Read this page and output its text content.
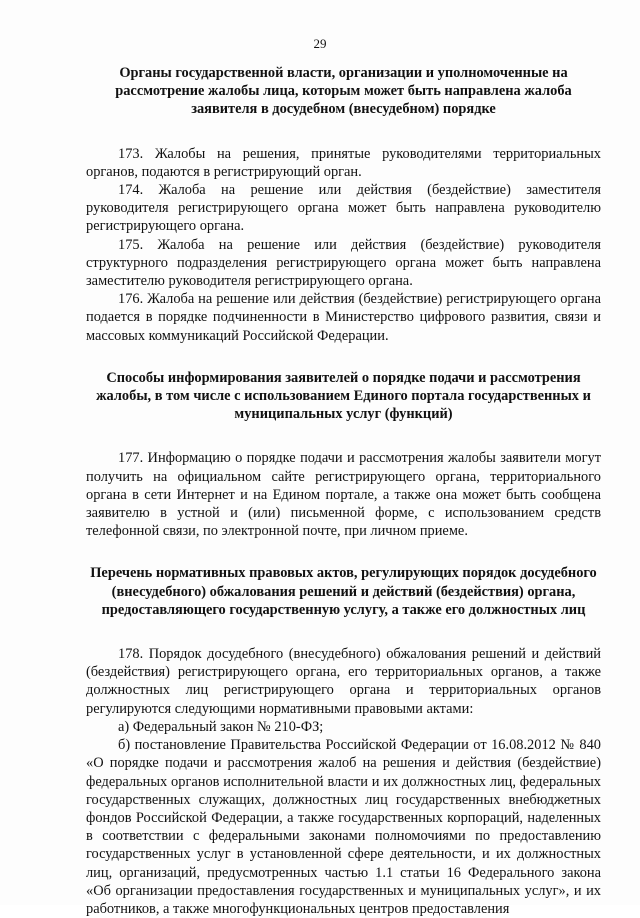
29

Органы государственной власти, организации и уполномоченные на рассмотрение жалобы лица, которым может быть направлена жалоба заявителя в досудебном (внесудебном) порядке

173. Жалобы на решения, принятые руководителями территориальных органов, подаются в регистрирующий орган.

174. Жалоба на решение или действия (бездействие) заместителя руководителя регистрирующего органа может быть направлена руководителю регистрирующего органа.

175. Жалоба на решение или действия (бездействие) руководителя структурного подразделения регистрирующего органа может быть направлена заместителю руководителя регистрирующего органа.

176. Жалоба на решение или действия (бездействие) регистрирующего органа подается в порядке подчиненности в Министерство цифрового развития, связи и массовых коммуникаций Российской Федерации.

Способы информирования заявителей о порядке подачи и рассмотрения жалобы, в том числе с использованием Единого портала государственных и муниципальных услуг (функций)

177. Информацию о порядке подачи и рассмотрения жалобы заявители могут получить на официальном сайте регистрирующего органа, территориального органа в сети Интернет и на Едином портале, а также она может быть сообщена заявителю в устной и (или) письменной форме, с использованием средств телефонной связи, по электронной почте, при личном приеме.

Перечень нормативных правовых актов, регулирующих порядок досудебного (внесудебного) обжалования решений и действий (бездействия) органа, предоставляющего государственную услугу, а также его должностных лиц

178. Порядок досудебного (внесудебного) обжалования решений и действий (бездействия) регистрирующего органа, его территориальных органов, а также должностных лиц регистрирующего органа и территориальных органов регулируются следующими нормативными правовыми актами:

а) Федеральный закон № 210-ФЗ;

б) постановление Правительства Российской Федерации от 16.08.2012 № 840 «О порядке подачи и рассмотрения жалоб на решения и действия (бездействие) федеральных органов исполнительной власти и их должностных лиц, федеральных государственных служащих, должностных лиц государственных внебюджетных фондов Российской Федерации, а также государственных корпораций, наделенных в соответствии с федеральными законами полномочиями по предоставлению государственных услуг в установленной сфере деятельности, и их должностных лиц, организаций, предусмотренных частью 1.1 статьи 16 Федерального закона «Об организации предоставления государственных и муниципальных услуг», и их работников, а также многофункциональных центров предоставления
